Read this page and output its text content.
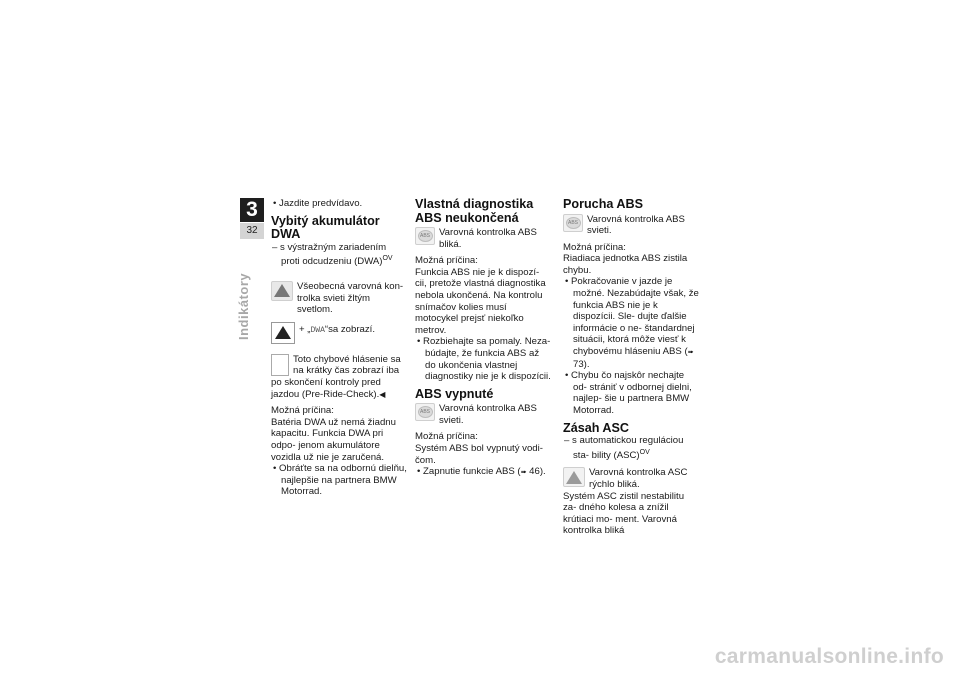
3
32
Indikátory
• Jazdite predvídavo.
Vybitý akumulátor DWA
– s výstražným zariadením proti odcudzeniu (DWA)$^{OV}$
Všeobecná varovná kon- trolka svieti žltým svetlom.
+ „DWA“sa zobrazí.
Toto chybové hlásenie sa na krátky čas zobrazí iba
po skončení kontroly pred jazdou (Pre-Ride-Check).◀
Možná príčina:
Batéria DWA už nemá žiadnu kapacitu. Funkcia DWA pri odpo- jenom akumulátore vozidla už nie je zaručená.
• Obráťte sa na odbornú dielňu, najlepšie na partnera BMW Motorrad.
Vlastná diagnostika ABS neukončená
ABS Varovná kontrolka ABS bliká.
Možná príčina:
Funkcia ABS nie je k dispozí- cii, pretože vlastná diagnostika nebola ukončená. Na kontrolu snímačov kolies musí motocykel prejsť niekoľko metrov.
• Rozbiehajte sa pomaly. Neza- búdajte, že funkcia ABS až do ukončenia vlastnej diagnostiky nie je k dispozícii.
ABS vypnuté
ABS Varovná kontrolka ABS svieti.
Možná príčina:
Systém ABS bol vypnutý vodi- čom.
• Zapnutie funkcie ABS (➠ 46).
Porucha ABS
ABS Varovná kontrolka ABS svieti.
Možná príčina:
Riadiaca jednotka ABS zistila chybu.
• Pokračovanie v jazde je možné. Nezabúdajte však, že funkcia ABS nie je k dispozícii. Sle- dujte ďalšie informácie o ne- štandardnej situácii, ktorá môže viesť k chybovému hláseniu ABS (➠ 73).
• Chybu čo najskôr nechajte od- strániť v odbornej dielni, najlep- šie u partnera BMW Motorrad.
Zásah ASC
– s automatickou reguláciou sta- bility (ASC)$^{OV}$
Varovná kontrolka ASC rýchlo bliká.
Systém ASC zistil nestabilitu za- dného kolesa a znížil krútiaci mo- ment. Varovná kontrolka bliká
carmanualsonline.info
